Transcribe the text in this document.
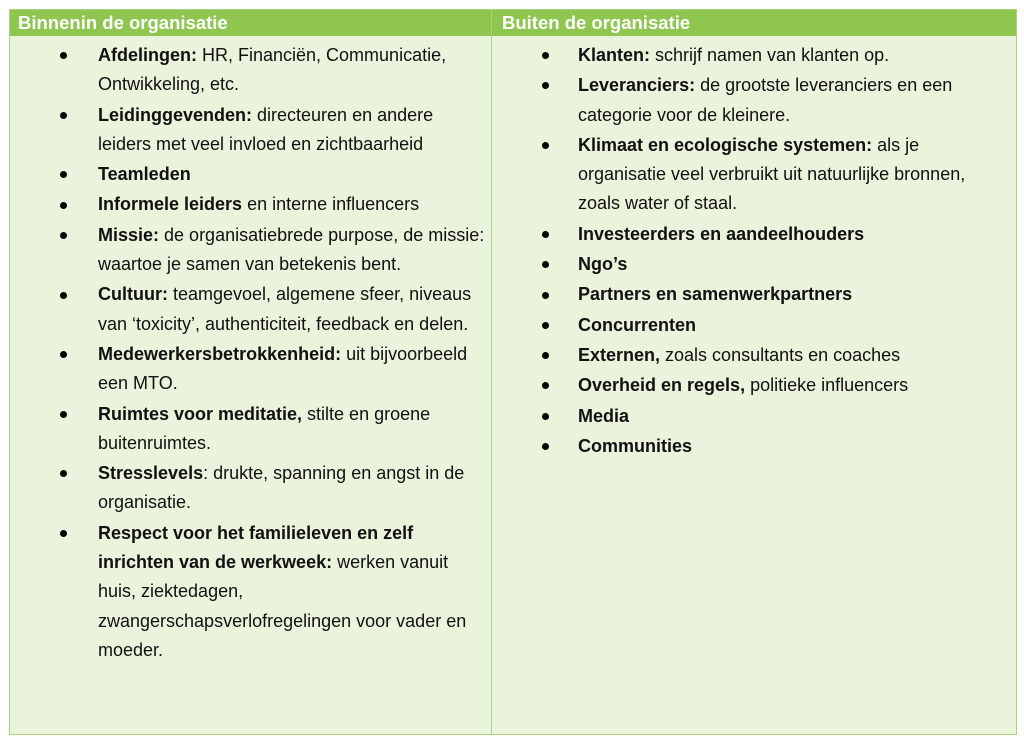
Binnenin de organisatie	Buiten de organisatie
Afdelingen: HR, Financiën, Communicatie, Ontwikkeling, etc.
Leidinggevenden: directeuren en andere leiders met veel invloed en zichtbaarheid
Teamleden
Informele leiders en interne influencers
Missie: de organisatiebrede purpose, de missie: waartoe je samen van betekenis bent.
Cultuur: teamgevoel, algemene sfeer, niveaus van ‘toxicity’, authenticiteit, feedback en delen.
Medewerkersbetrokkenheid: uit bijvoorbeeld een MTO.
Ruimtes voor meditatie, stilte en groene buitenruimtes.
Stresslevels: drukte, spanning en angst in de organisatie.
Respect voor het familieleven en zelf inrichten van de werkweek: werken vanuit huis, ziektedagen, zwangerschapsverlofregelingen voor vader en moeder.
Klanten: schrijf namen van klanten op.
Leveranciers: de grootste leveranciers en een categorie voor de kleinere.
Klimaat en ecologische systemen: als je organisatie veel verbruikt uit natuurlijke bronnen, zoals water of staal.
Investeerders en aandeelhouders
Ngo’s
Partners en samenwerkpartners
Concurrenten
Externen, zoals consultants en coaches
Overheid en regels, politieke influencers
Media
Communities
